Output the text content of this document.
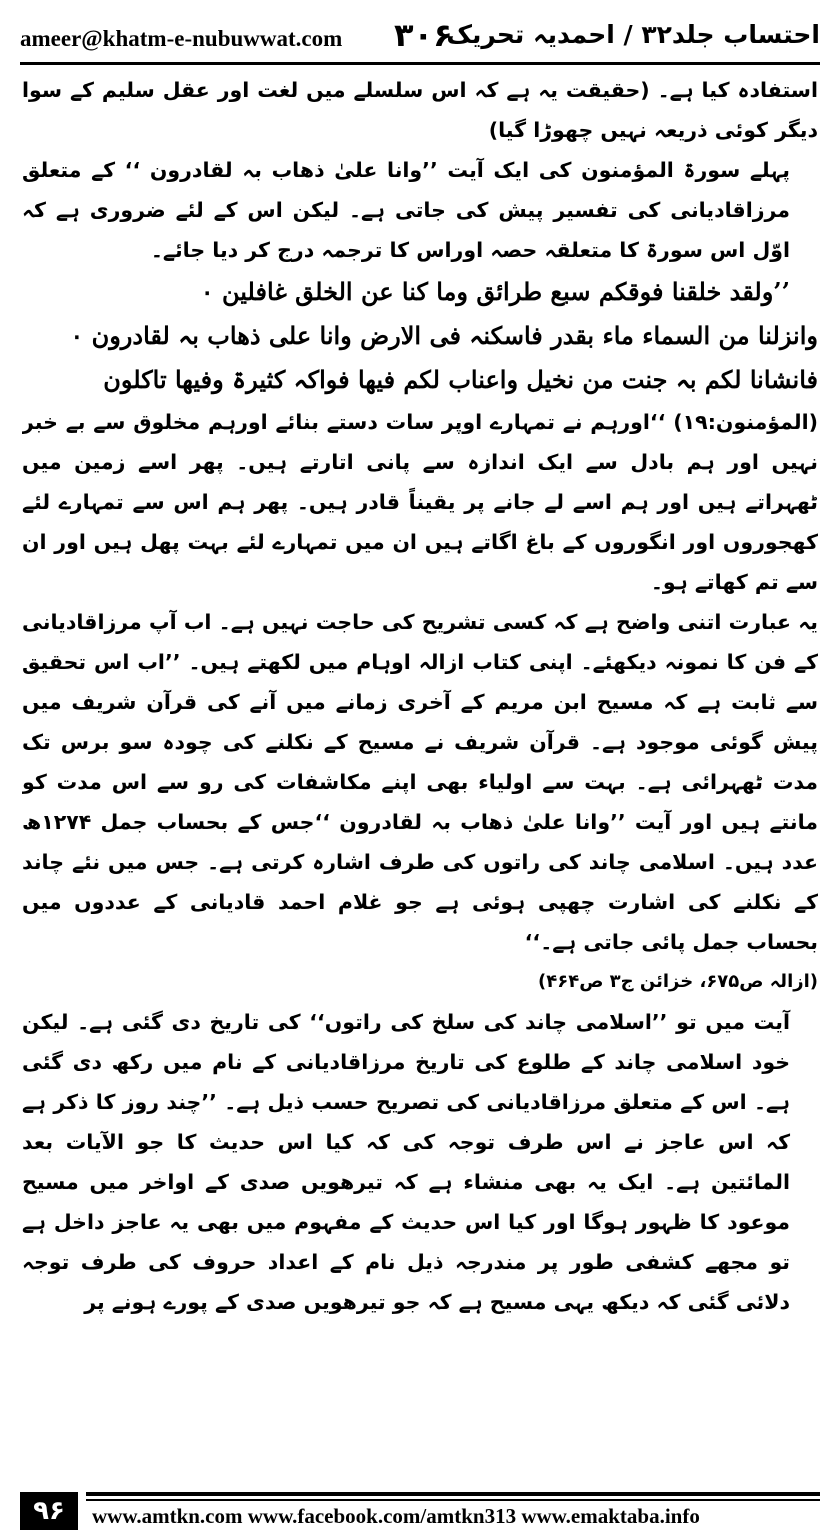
ameer@khatm-e-nubuwwat.com ۳۰۶
احتساب جلد۳۲ / احمدیہ تحریک

استفادہ کیا ہے۔ (حقیقت یہ ہے کہ اس سلسلے میں لغت اور عقل سلیم کے سوا دیگر کوئی ذریعہ نہیں چھوڑا گیا)

پہلے سورۃ المؤمنون کی ایک آیت ’’وانا علیٰ ذھاب بہ لقادرون ‘‘ کے متعلق مرزاقادیانی کی تفسیر پیش کی جاتی ہے۔ لیکن اس کے لئے ضروری ہے کہ اوّل اس سورۃ کا متعلقہ حصہ اوراس کا ترجمہ درج کر دیا جائے۔

’’ولقد خلقنا فوقکم سبع طرائق وما کنا عن الخلق غافلین ۰

وانزلنا من السماء ماء بقدر فاسکنہ فی الارض وانا علی ذھاب بہ لقادرون ۰

فانشانا لکم بہ جنت من نخیل واعناب لکم فیھا فواکہ کثیرۃ وفیھا تاکلون

(المؤمنون:۱۹) ‘‘اورہم نے تمہارے اوپر سات دستے بنائے اورہم مخلوق سے بے خبر نہیں اور ہم بادل سے ایک اندازہ سے پانی اتارتے ہیں۔ پھر اسے زمین میں ٹھہراتے ہیں اور ہم اسے لے جانے پر یقیناً قادر ہیں۔ پھر ہم اس سے تمہارے لئے کھجوروں اور انگوروں کے باغ اگاتے ہیں ان میں تمہارے لئے بہت پھل ہیں اور ان سے تم کھاتے ہو۔

یہ عبارت اتنی واضح ہے کہ کسی تشریح کی حاجت نہیں ہے۔ اب آپ مرزاقادیانی کے فن کا نمونہ دیکھئے۔ اپنی کتاب ازالہ اوہام میں لکھتے ہیں۔ ’’اب اس تحقیق سے ثابت ہے کہ مسیح ابن مریم کے آخری زمانے میں آنے کی قرآن شریف میں پیش گوئی موجود ہے۔ قرآن شریف نے مسیح کے نکلنے کی چودہ سو برس تک مدت ٹھہرائی ہے۔ بہت سے اولیاء بھی اپنے مکاشفات کی رو سے اس مدت کو مانتے ہیں اور آیت ’’وانا علیٰ ذھاب بہ لقادرون ‘‘جس کے بحساب جمل ۱۲۷۴ھ عدد ہیں۔ اسلامی چاند کی راتوں کی طرف اشارہ کرتی ہے۔ جس میں نئے چاند کے نکلنے کی اشارت چھپی ہوئی ہے جو غلام احمد قادیانی کے عددوں میں بحساب جمل پائی جاتی ہے۔‘‘

(ازالہ ص۶۷۵، خزائن ج۳ ص۴۶۴)

آیت میں تو ’’اسلامی چاند کی سلخ کی راتوں‘‘ کی تاریخ دی گئی ہے۔ لیکن خود اسلامی چاند کے طلوع کی تاریخ مرزاقادیانی کے نام میں رکھ دی گئی ہے۔ اس کے متعلق مرزاقادیانی کی تصریح حسب ذیل ہے۔ ’’چند روز کا ذکر ہے کہ اس عاجز نے اس طرف توجہ کی کہ کیا اس حدیث کا جو الآیات بعد المائتین ہے۔ ایک یہ بھی منشاء ہے کہ تیرھویں صدی کے اواخر میں مسیح موعود کا ظہور ہوگا اور کیا اس حدیث کے مفہوم میں بھی یہ عاجز داخل ہے تو مجھے کشفی طور پر مندرجہ ذیل نام کے اعداد حروف کی طرف توجہ دلائی گئی کہ دیکھ یہی مسیح ہے کہ جو تیرھویں صدی کے پورے ہونے پر

۹۶	www.amtkn.com www.facebook.com/amtkn313 www.emaktaba.info
